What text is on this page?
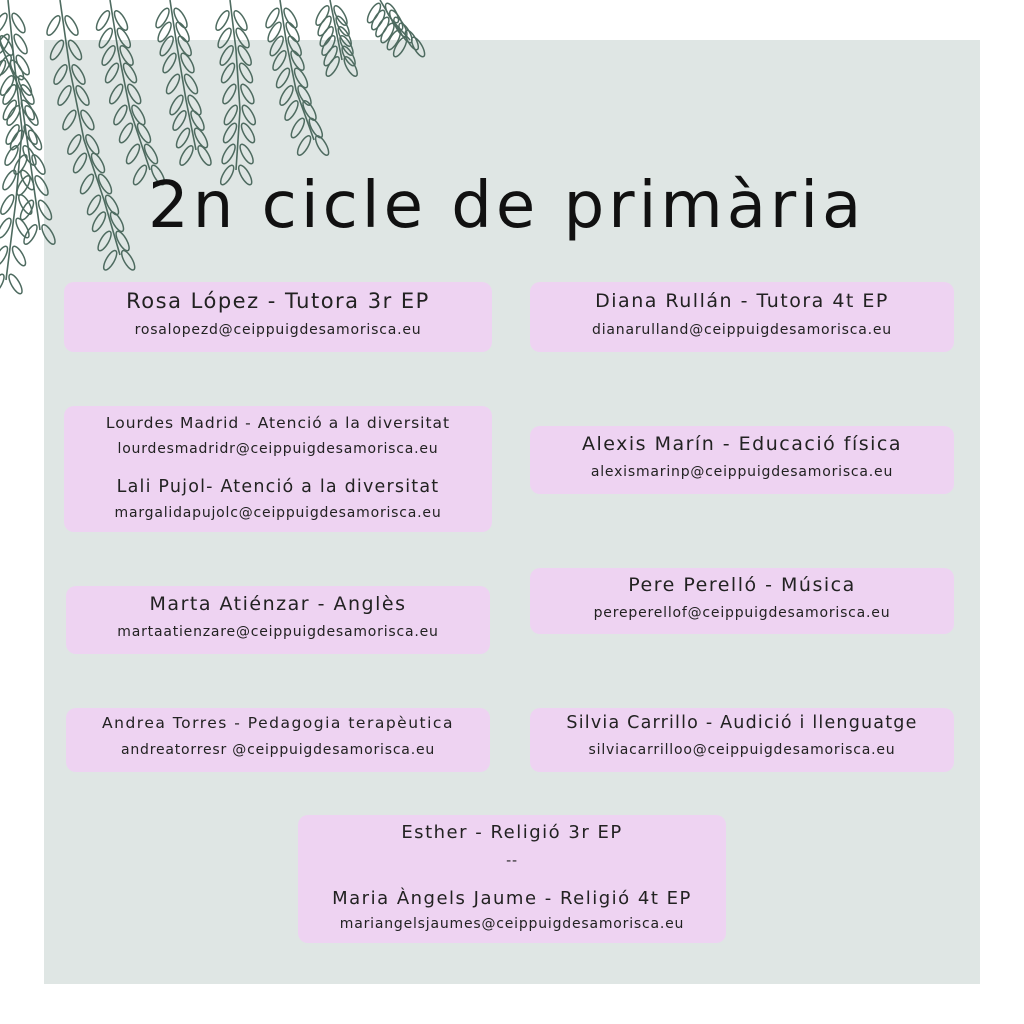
2n cicle de primària
Rosa López - Tutora 3r EP
rosalopezd@ceippuigdesamorisca.eu
Diana Rullán - Tutora 4t EP
dianarulland@ceippuigdesamorisca.eu
Lourdes Madrid - Atenció a la diversitat
lourdesmadridr@ceippuigdesamorisca.eu
Lali Pujol- Atenció a la diversitat
margalidapujolc@ceippuigdesamorisca.eu
Alexis Marín - Educació física
alexismarinp@ceippuigdesamorisca.eu
Marta Atiénzar - Anglès
martaatienzare@ceippuigdesamorisca.eu
Pere Perelló - Música
pereperellof@ceippuigdesamorisca.eu
Andrea Torres - Pedagogia terapèutica
andreatorresr @ceippuigdesamorisca.eu
Silvia Carrillo - Audició i llenguatge
silviacarrilloo@ceippuigdesamorisca.eu
Esther - Religió 3r EP
--
Maria Àngels Jaume - Religió 4t EP
mariangelsjaumes@ceippuigdesamorisca.eu
